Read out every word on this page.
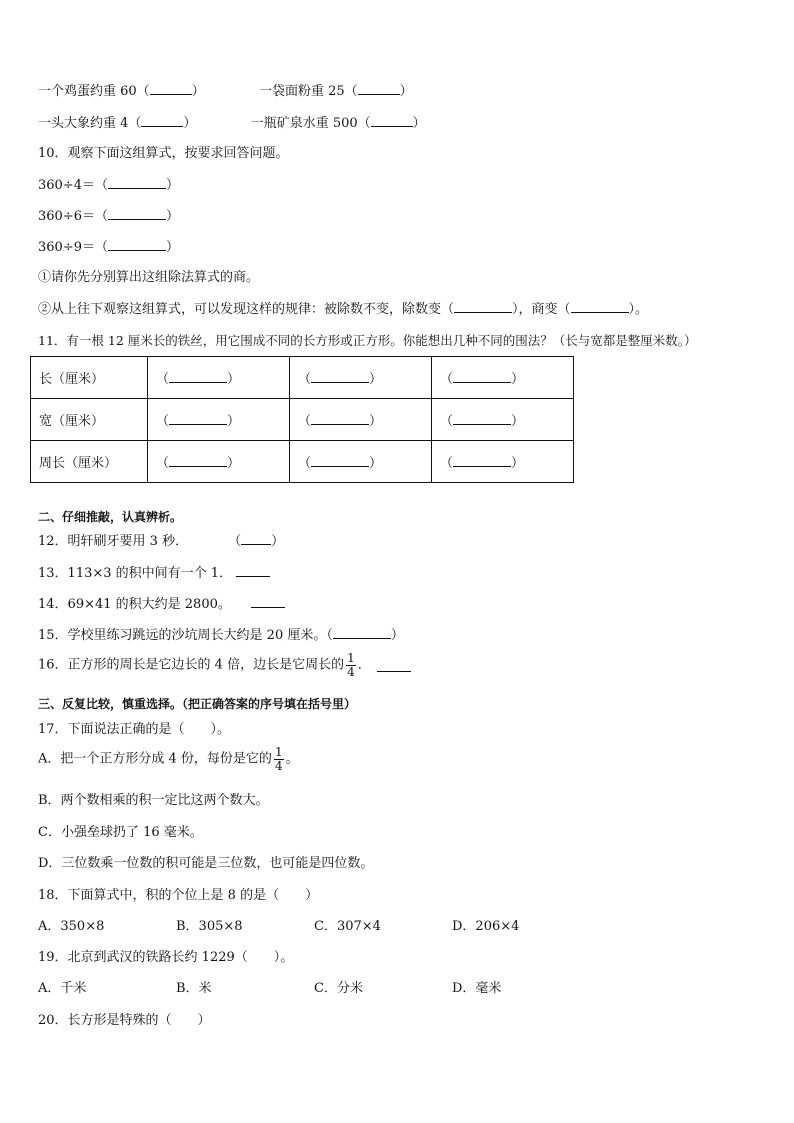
一个鸡蛋约重 60（	）	一袋面粉重 25（	）
一头大象约重 4（	）	一瓶矿泉水重 500（	）
10．观察下面这组算式，按要求回答问题。
360÷4＝（	）
360÷6＝（	）
360÷9＝（	）
①请你先分别算出这组除法算式的商。
②从上往下观察这组算式，可以发现这样的规律：被除数不变，除数变（	），商变（	）。
11．有一根 12 厘米长的铁丝，用它围成不同的长方形或正方形。你能想出几种不同的围法？（长与宽都是整厘米数。）
长（厘米）	（ ）	（ ）	（ ）
宽（厘米）	（ ）	（ ）	（ ）
周长（厘米）	（ ）	（ ）	（ ）
二、仔细推敲，认真辨析。
12．明轩刷牙要用 3 秒．	（ ）
13．113×3 的积中间有一个 1．
14．69×41 的积大约是 2800。
15．学校里练习跳远的沙坑周长大约是 20 厘米。（	）
16．正方形的周长是它边长的 4 倍，边长是它周长的 $\frac{1}{4}$ ．
三、反复比较，慎重选择。（把正确答案的序号填在括号里）
17．下面说法正确的是（　　）。
A．把一个正方形分成 4 份，每份是它的 $\frac{1}{4}$ 。
B．两个数相乘的积一定比这两个数大。
C．小强垒球扔了 16 毫米。
D．三位数乘一位数的积可能是三位数，也可能是四位数。
18．下面算式中，积的个位上是 8 的是（　　）
A．350×8	B．305×8	C．307×4	D．206×4
19．北京到武汉的铁路长约 1229（　　）。
A．千米	B．米	C．分米	D．毫米
20．长方形是特殊的（　　）
